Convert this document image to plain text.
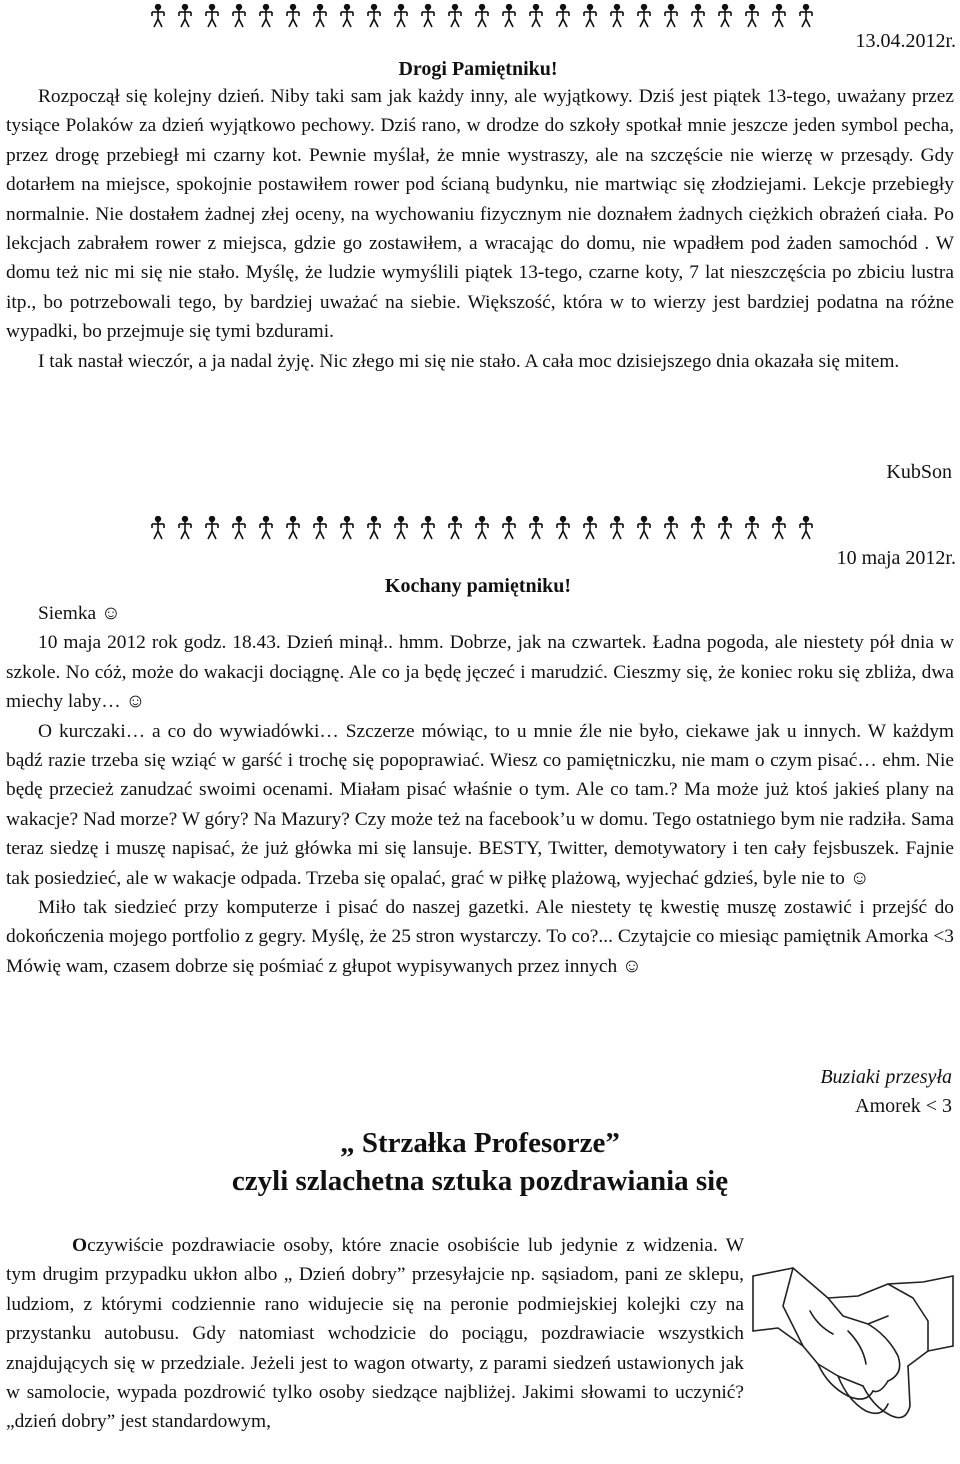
13.04.2012r.
Drogi Pamiętniku!

Rozpoczął się kolejny dzień. Niby taki sam jak każdy inny, ale wyjątkowy. Dziś jest piątek 13-tego, uważany przez tysiące Polaków za dzień wyjątkowo pechowy. Dziś rano, w drodze do szkoły spotkał mnie jeszcze jeden symbol pecha, przez drogę przebiegł mi czarny kot. Pewnie myślał, że mnie wystraszy, ale na szczęście nie wierzę w przesądy. Gdy dotarłem na miejsce, spokojnie postawiłem rower pod ścianą budynku, nie martwiąc się złodziejami. Lekcje przebiegły normalnie. Nie dostałem żadnej złej oceny, na wychowaniu fizycznym nie doznałem żadnych ciężkich obrażeń ciała. Po lekcjach zabrałem rower z miejsca, gdzie go zostawiłem, a wracając do domu, nie wpadłem pod żaden samochód . W domu też nic mi się nie stało. Myślę, że ludzie wymyślili piątek 13-tego, czarne koty, 7 lat nieszczęścia po zbiciu lustra itp., bo potrzebowali tego, by bardziej uważać na siebie. Większość, która w to wierzy jest bardziej podatna na różne wypadki, bo przejmuje się tymi bzdurami.

I tak nastał wieczór, a ja nadal żyję. Nic złego mi się nie stało. A cała moc dzisiejszego dnia okazała się mitem.

KubSon
10 maja 2012r.
Kochany pamiętniku!

Siemka ☺

10 maja 2012 rok godz. 18.43. Dzień minął.. hmm. Dobrze, jak na czwartek. Ładna pogoda, ale niestety pół dnia w szkole. No cóż, może do wakacji dociągnę. Ale co ja będę jęczeć i marudzić. Cieszmy się, że koniec roku się zbliża, dwa miechy laby… ☺

O kurczaki… a co do wywiadówki… Szczerze mówiąc, to u mnie źle nie było, ciekawe jak u innych. W każdym bądź razie trzeba się wziąć w garść i trochę się popoprawiać. Wiesz co pamiętniczku, nie mam o czym pisać… ehm. Nie będę przecież zanudzać swoimi ocenami. Miałam pisać właśnie o tym. Ale co tam.? Ma może już ktoś jakieś plany na wakacje? Nad morze? W góry? Na Mazury? Czy może też na facebook’u w domu. Tego ostatniego bym nie radziła. Sama teraz siedzę i muszę napisać, że już główka mi się lansuje. BESTY, Twitter, demotywatory i ten cały fejsbuszek. Fajnie tak posiedzieć, ale w wakacje odpada. Trzeba się opalać, grać w piłkę plażową, wyjechać gdzieś, byle nie to ☺

Miło tak siedzieć przy komputerze i pisać do naszej gazetki. Ale niestety tę kwestię muszę zostawić i przejść do dokończenia mojego portfolio z gegry. Myślę, że 25 stron wystarczy. To co?... Czytajcie co miesiąc pamiętnik Amorka <3 Mówię wam, czasem dobrze się pośmiać z głupot wypisywanych przez innych ☺

Buziaki przesyła
Amorek < 3
„ Strzałka Profesorze”
czyli szlachetna sztuka pozdrawiania się

Oczywiście pozdrawiacie osoby, które znacie osobiście lub jedynie z widzenia. W tym drugim przypadku ukłon albo „ Dzień dobry” przesyłajcie np. sąsiadom, pani ze sklepu, ludziom, z którymi codziennie rano widujecie się na peronie podmiejskiej kolejki czy na przystanku autobusu. Gdy natomiast wchodzicie do pociągu, pozdrawiacie wszystkich znajdujących się w przedziale. Jeżeli jest to wagon otwarty, z parami siedzeń ustawionych jak w samolocie, wypada pozdrowić tylko osoby siedzące najbliżej. Jakimi słowami to uczynić? „dzień dobry” jest standardowym,
